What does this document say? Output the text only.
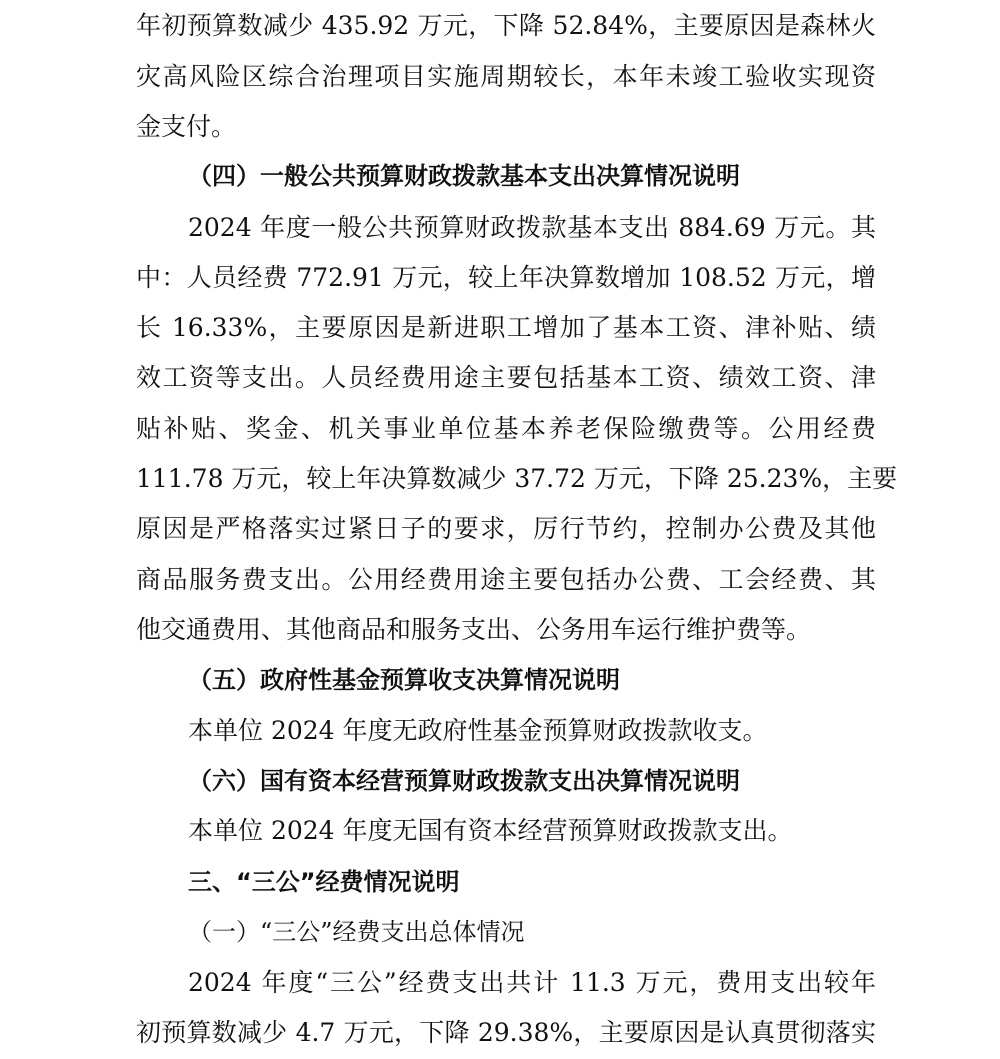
年初预算数减少 435.92 万元，下降 52.84%，主要原因是森林火
灾高风险区综合治理项目实施周期较长，本年未竣工验收实现资
金支付。
（四）一般公共预算财政拨款基本支出决算情况说明
2024 年度一般公共预算财政拨款基本支出 884.69 万元。其
中：人员经费 772.91 万元，较上年决算数增加 108.52 万元，增
长 16.33%，主要原因是新进职工增加了基本工资、津补贴、绩
效工资等支出。人员经费用途主要包括基本工资、绩效工资、津
贴补贴、奖金、机关事业单位基本养老保险缴费等。公用经费
111.78 万元，较上年决算数减少 37.72 万元，下降 25.23%，主要
原因是严格落实过紧日子的要求，厉行节约，控制办公费及其他
商品服务费支出。公用经费用途主要包括办公费、工会经费、其
他交通费用、其他商品和服务支出、公务用车运行维护费等。
（五）政府性基金预算收支决算情况说明
本单位 2024 年度无政府性基金预算财政拨款收支。
（六）国有资本经营预算财政拨款支出决算情况说明
本单位 2024 年度无国有资本经营预算财政拨款支出。
三、“三公”经费情况说明
（一）“三公”经费支出总体情况
2024 年度“三公”经费支出共计 11.3 万元，费用支出较年
初预算数减少 4.7 万元，下降 29.38%，主要原因是认真贯彻落实
